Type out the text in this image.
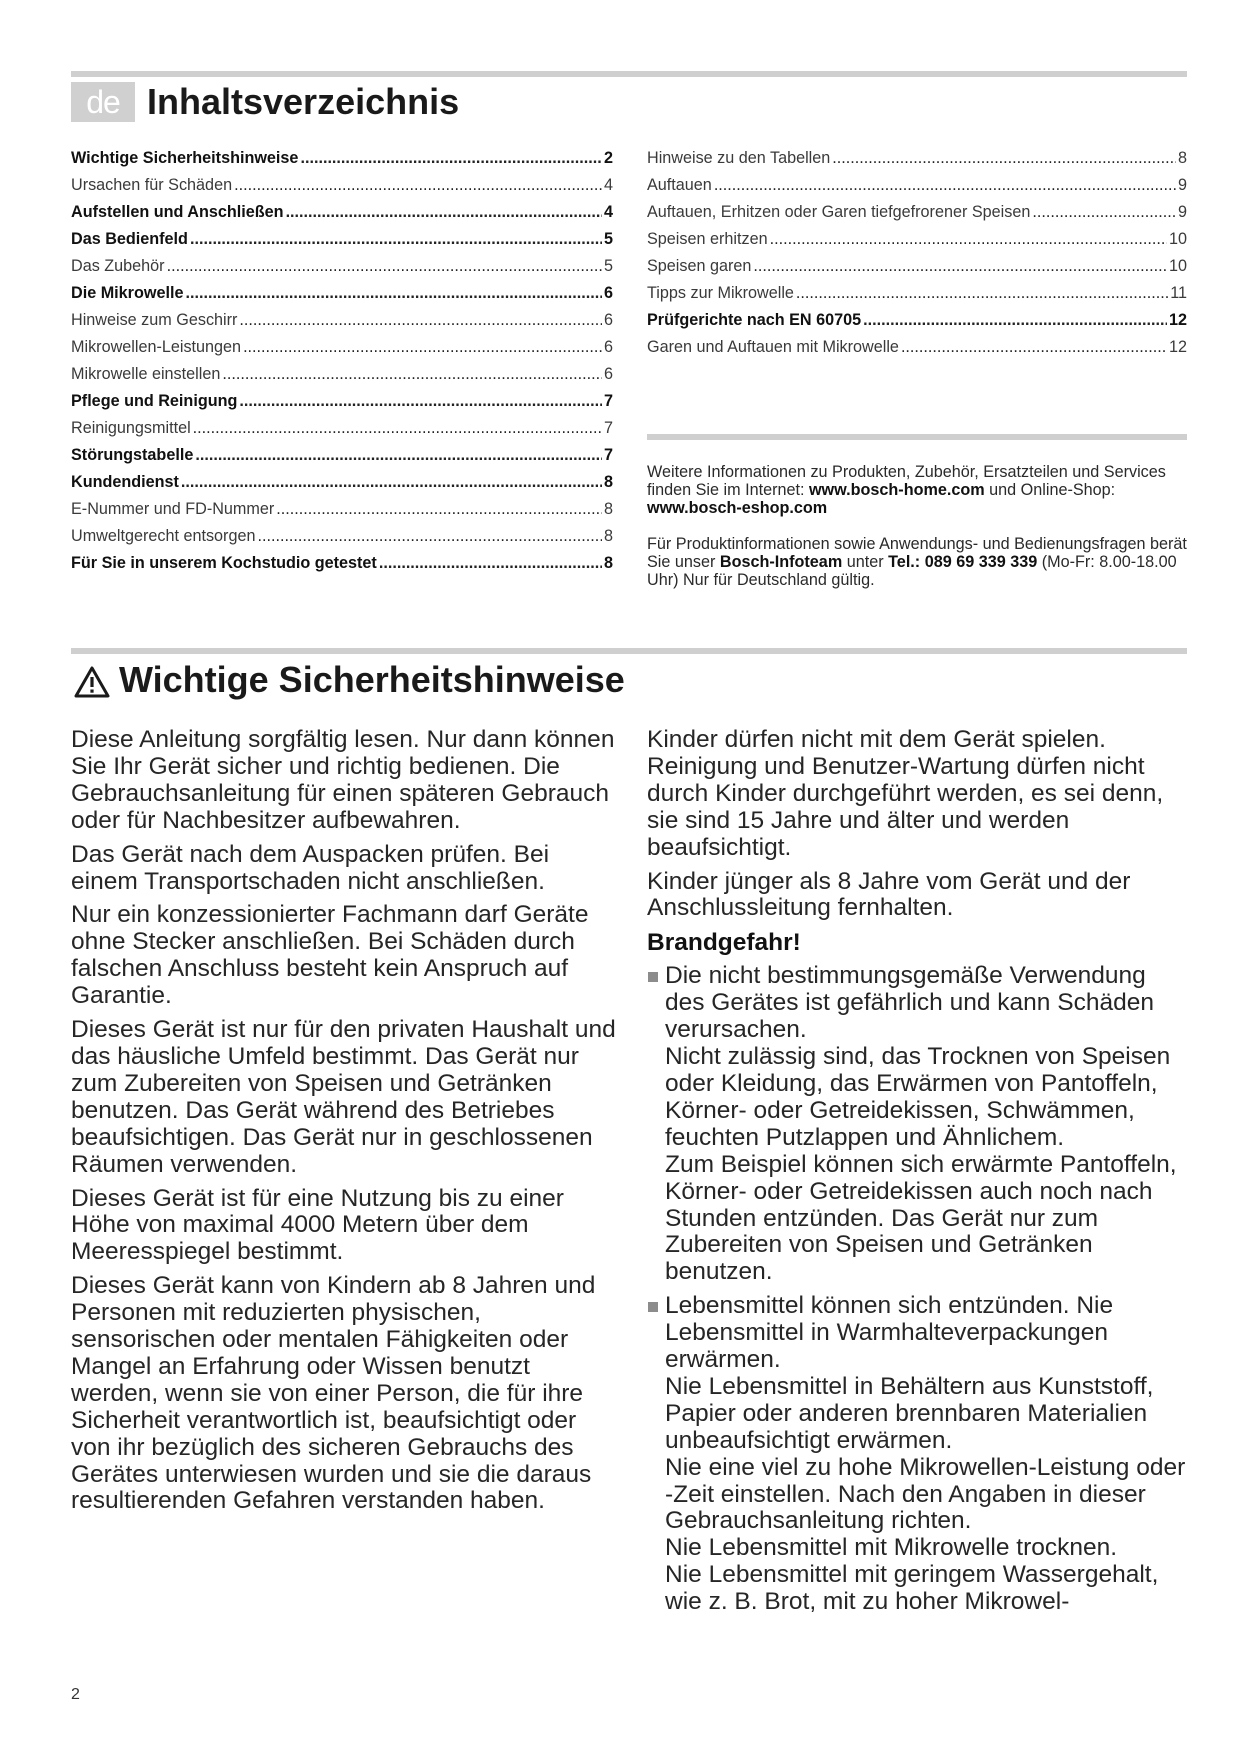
de Inhaltsverzeichnis
Wichtige Sicherheitshinweise .....	2
Ursachen für Schäden .....	4
Aufstellen und Anschließen .....	4
Das Bedienfeld .....	5
Das Zubehör .....	5
Die Mikrowelle .....	6
Hinweise zum Geschirr .....	6
Mikrowellen-Leistungen .....	6
Mikrowelle einstellen .....	6
Pflege und Reinigung .....	7
Reinigungsmittel .....	7
Störungstabelle .....	7
Kundendienst .....	8
E-Nummer und FD-Nummer .....	8
Umweltgerecht entsorgen .....	8
Für Sie in unserem Kochstudio getestet .....	8
Hinweise zu den Tabellen .....	8
Auftauen .....	9
Auftauen, Erhitzen oder Garen tiefgefrorener Speisen .....	9
Speisen erhitzen .....	10
Speisen garen .....	10
Tipps zur Mikrowelle .....	11
Prüfgerichte nach EN 60705 .....	12
Garen und Auftauen mit Mikrowelle .....	12

Weitere Informationen zu Produkten, Zubehör, Ersatzteilen und Services finden Sie im Internet: www.bosch-home.com und Online-Shop: www.bosch-eshop.com

Für Produktinformationen sowie Anwendungs- und Bedienungsfragen berät Sie unser Bosch-Infoteam unter Tel.: 089 69 339 339 (Mo-Fr: 8.00-18.00 Uhr) Nur für Deutschland gültig.

Wichtige Sicherheitshinweise

Diese Anleitung sorgfältig lesen. Nur dann können Sie Ihr Gerät sicher und richtig bedienen. Die Gebrauchsanleitung für einen späteren Gebrauch oder für Nachbesitzer aufbewahren.

Das Gerät nach dem Auspacken prüfen. Bei einem Transportschaden nicht anschließen.

Nur ein konzessionierter Fachmann darf Geräte ohne Stecker anschließen. Bei Schäden durch falschen Anschluss besteht kein Anspruch auf Garantie.

Dieses Gerät ist nur für den privaten Haushalt und das häusliche Umfeld bestimmt. Das Gerät nur zum Zubereiten von Speisen und Getränken benutzen. Das Gerät während des Betriebes beaufsichtigen. Das Gerät nur in geschlossenen Räumen verwenden.

Dieses Gerät ist für eine Nutzung bis zu einer Höhe von maximal 4000 Metern über dem Meeresspiegel bestimmt.

Dieses Gerät kann von Kindern ab 8 Jahren und Personen mit reduzierten physischen, sensorischen oder mentalen Fähigkeiten oder Mangel an Erfahrung oder Wissen benutzt werden, wenn sie von einer Person, die für ihre Sicherheit verantwortlich ist, beaufsichtigt oder von ihr bezüglich des sicheren Gebrauchs des Gerätes unterwiesen wurden und sie die daraus resultierenden Gefahren verstanden haben.

Kinder dürfen nicht mit dem Gerät spielen. Reinigung und Benutzer-Wartung dürfen nicht durch Kinder durchgeführt werden, es sei denn, sie sind 15 Jahre und älter und werden beaufsichtigt.

Kinder jünger als 8 Jahre vom Gerät und der Anschlussleitung fernhalten.

Brandgefahr!
Die nicht bestimmungsgemäße Verwendung des Gerätes ist gefährlich und kann Schäden verursachen.
Nicht zulässig sind, das Trocknen von Speisen oder Kleidung, das Erwärmen von Pantoffeln, Körner- oder Getreidekissen, Schwämmen, feuchten Putzlappen und Ähnlichem.
Zum Beispiel können sich erwärmte Pantoffeln, Körner- oder Getreidekissen auch noch nach Stunden entzünden. Das Gerät nur zum Zubereiten von Speisen und Getränken benutzen.
Lebensmittel können sich entzünden. Nie Lebensmittel in Warmhalteverpackungen erwärmen.
Nie Lebensmittel in Behältern aus Kunststoff, Papier oder anderen brennbaren Materialien unbeaufsichtigt erwärmen.
Nie eine viel zu hohe Mikrowellen-Leistung oder -Zeit einstellen. Nach den Angaben in dieser Gebrauchsanleitung richten.
Nie Lebensmittel mit Mikrowelle trocknen.
Nie Lebensmittel mit geringem Wassergehalt, wie z. B. Brot, mit zu hoher Mikrowel-
2
